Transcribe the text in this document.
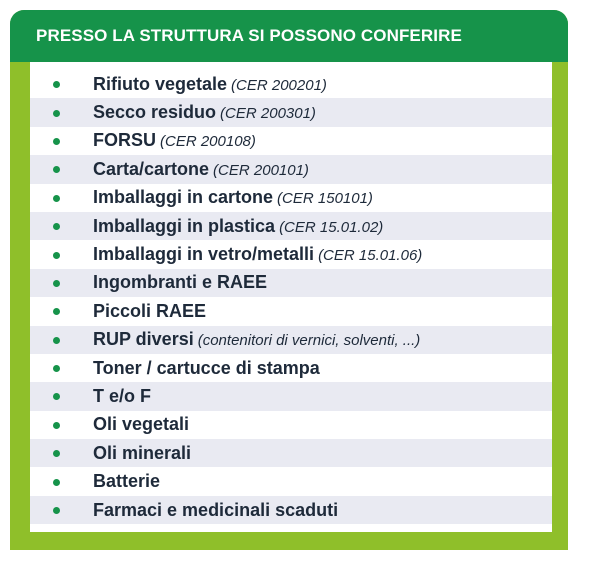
PRESSO LA STRUTTURA SI POSSONO CONFERIRE
Rifiuto vegetale (CER 200201)
Secco residuo (CER 200301)
FORSU (CER 200108)
Carta/cartone (CER 200101)
Imballaggi in cartone (CER 150101)
Imballaggi in plastica (CER 15.01.02)
Imballaggi in vetro/metalli (CER 15.01.06)
Ingombranti e RAEE
Piccoli RAEE
RUP diversi (contenitori di vernici, solventi, ...)
Toner / cartucce di stampa
T e/o F
Oli vegetali
Oli minerali
Batterie
Farmaci e medicinali scaduti
